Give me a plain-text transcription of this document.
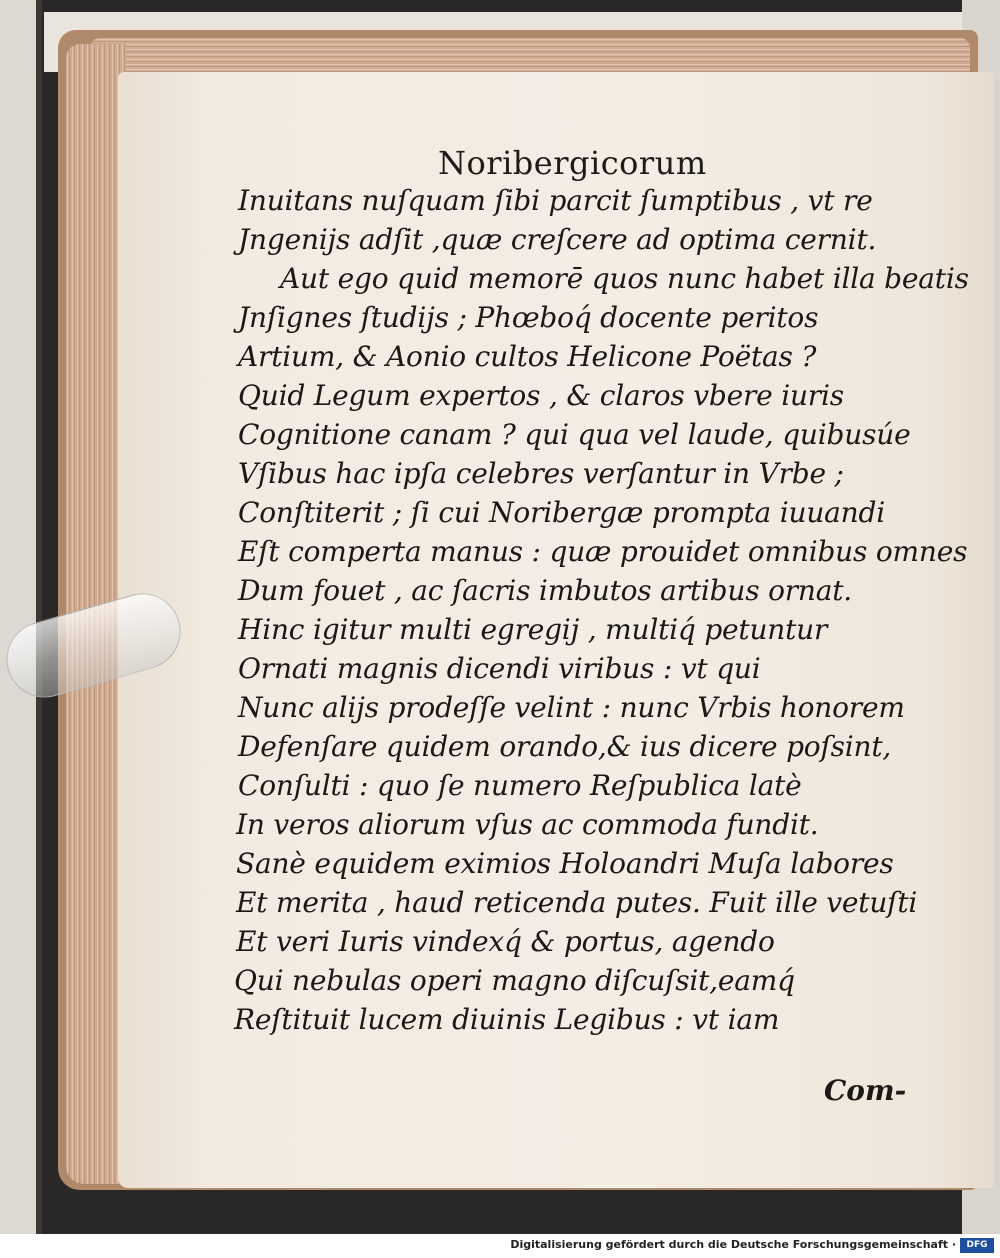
Noribergicorum
Inuitans nuſquam ſibi parcit ſumptibus , vt re
Jngenijs adſit ,quæ creſcere ad optima cernit.
Aut ego quid memorē quos nunc habet illa beatis
Jnſignes ſtudijs ; Phœboq́ docente peritos
Artium, & Aonio cultos Helicone Poëtas ?
Quid Legum expertos , & claros vbere iuris
Cognitione canam ? qui qua vel laude, quibusúe
Vſibus hac ipſa celebres verſantur in Vrbe ;
Conſtiterit ; ſi cui Noribergæ prompta iuuandi
Eſt comperta manus : quæ prouidet omnibus omnes
Dum fouet , ac ſacris imbutos artibus ornat.
Hinc igitur multi egregij , multiq́ petuntur
Ornati magnis dicendi viribus : vt qui
Nunc alijs prodeſſe velint : nunc Vrbis honorem
Defenſare quidem orando,& ius dicere poſsint,
Conſulti : quo ſe numero Reſpublica latè
In veros aliorum vſus ac commoda fundit.
Sanè equidem eximios Holoandri Muſa labores
Et merita , haud reticenda putes. Fuit ille vetuſti
Et veri Iuris vindexq́ & portus, agendo
Qui nebulas operi magno diſcuſsit,eamq́
Reſtituit lucem diuinis Legibus : vt iam
Com-
Digitalisierung gefördert durch die Deutsche Forschungsgemeinschaft ·	DFG
